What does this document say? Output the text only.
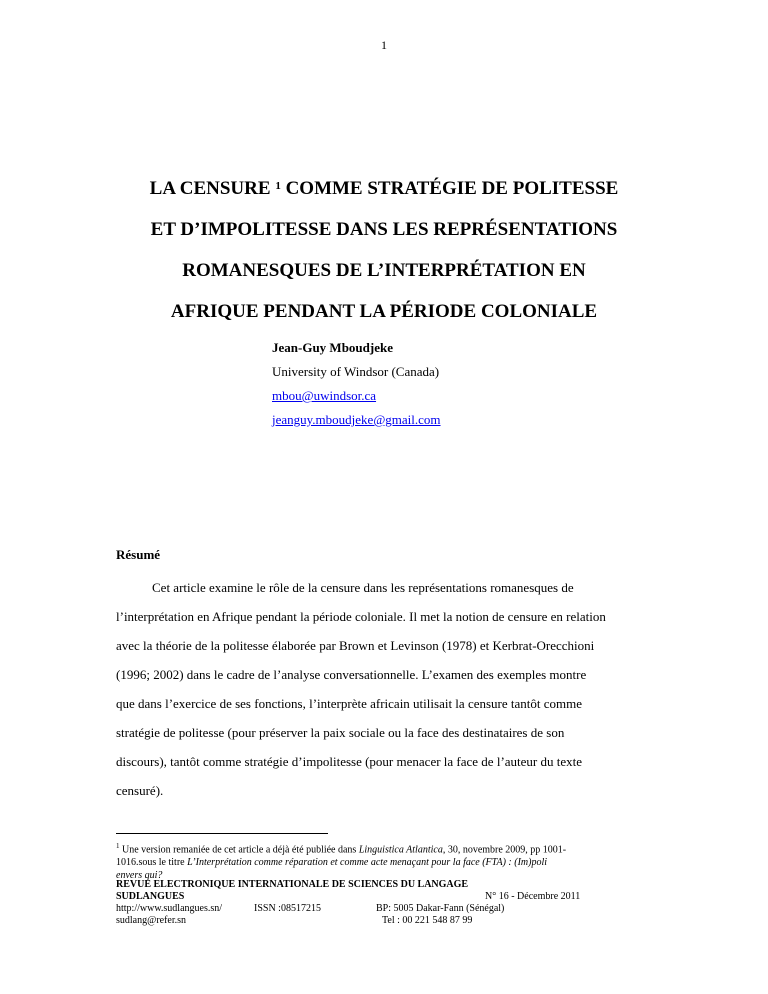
1
LA CENSURE $^1$ COMME STRATÉGIE DE POLITESSE
ET D’IMPOLITESSE DANS LES REPRÉSENTATIONS
ROMANESQUES DE L’INTERPRÉTATION EN
AFRIQUE PENDANT LA PÉRIODE COLONIALE
Jean-Guy Mboudjeke
University of Windsor (Canada)
mbou@uwindsor.ca
jeanguy.mboudjeke@gmail.com
Résumé

Cet article examine le rôle de la censure dans les représentations romanesques de
l’interprétation en Afrique pendant la période coloniale. Il met la notion de censure en relation
avec la théorie de la politesse élaborée par Brown et Levinson (1978) et Kerbrat-Orecchioni
(1996; 2002) dans le cadre de l’analyse conversationnelle. L’examen des exemples montre
que dans l’exercice de ses fonctions, l’interprète africain utilisait la censure tantôt comme
stratégie de politesse (pour préserver la paix sociale ou la face des destinataires de son
discours), tantôt comme stratégie d’impolitesse (pour menacer la face de l’auteur du texte
censuré).

$^1$ Une version remaniée de cet article a déjà été publiée dans Linguistica Atlantica, 30, novembre 2009, pp 1001-
1016.sous le titre L’Interprétation comme réparation et comme acte menaçant pour la face (FTA) : (Im)poli
envers qui?

REVUE ELECTRONIQUE INTERNATIONALE DE SCIENCES DU LANGAGE
SUDLANGUES	N° 16 - Décembre 2011
http://www.sudlangues.sn/	ISSN :08517215	BP: 5005 Dakar-Fann (Sénégal)
sudlang@refer.sn	Tel : 00 221 548 87 99
